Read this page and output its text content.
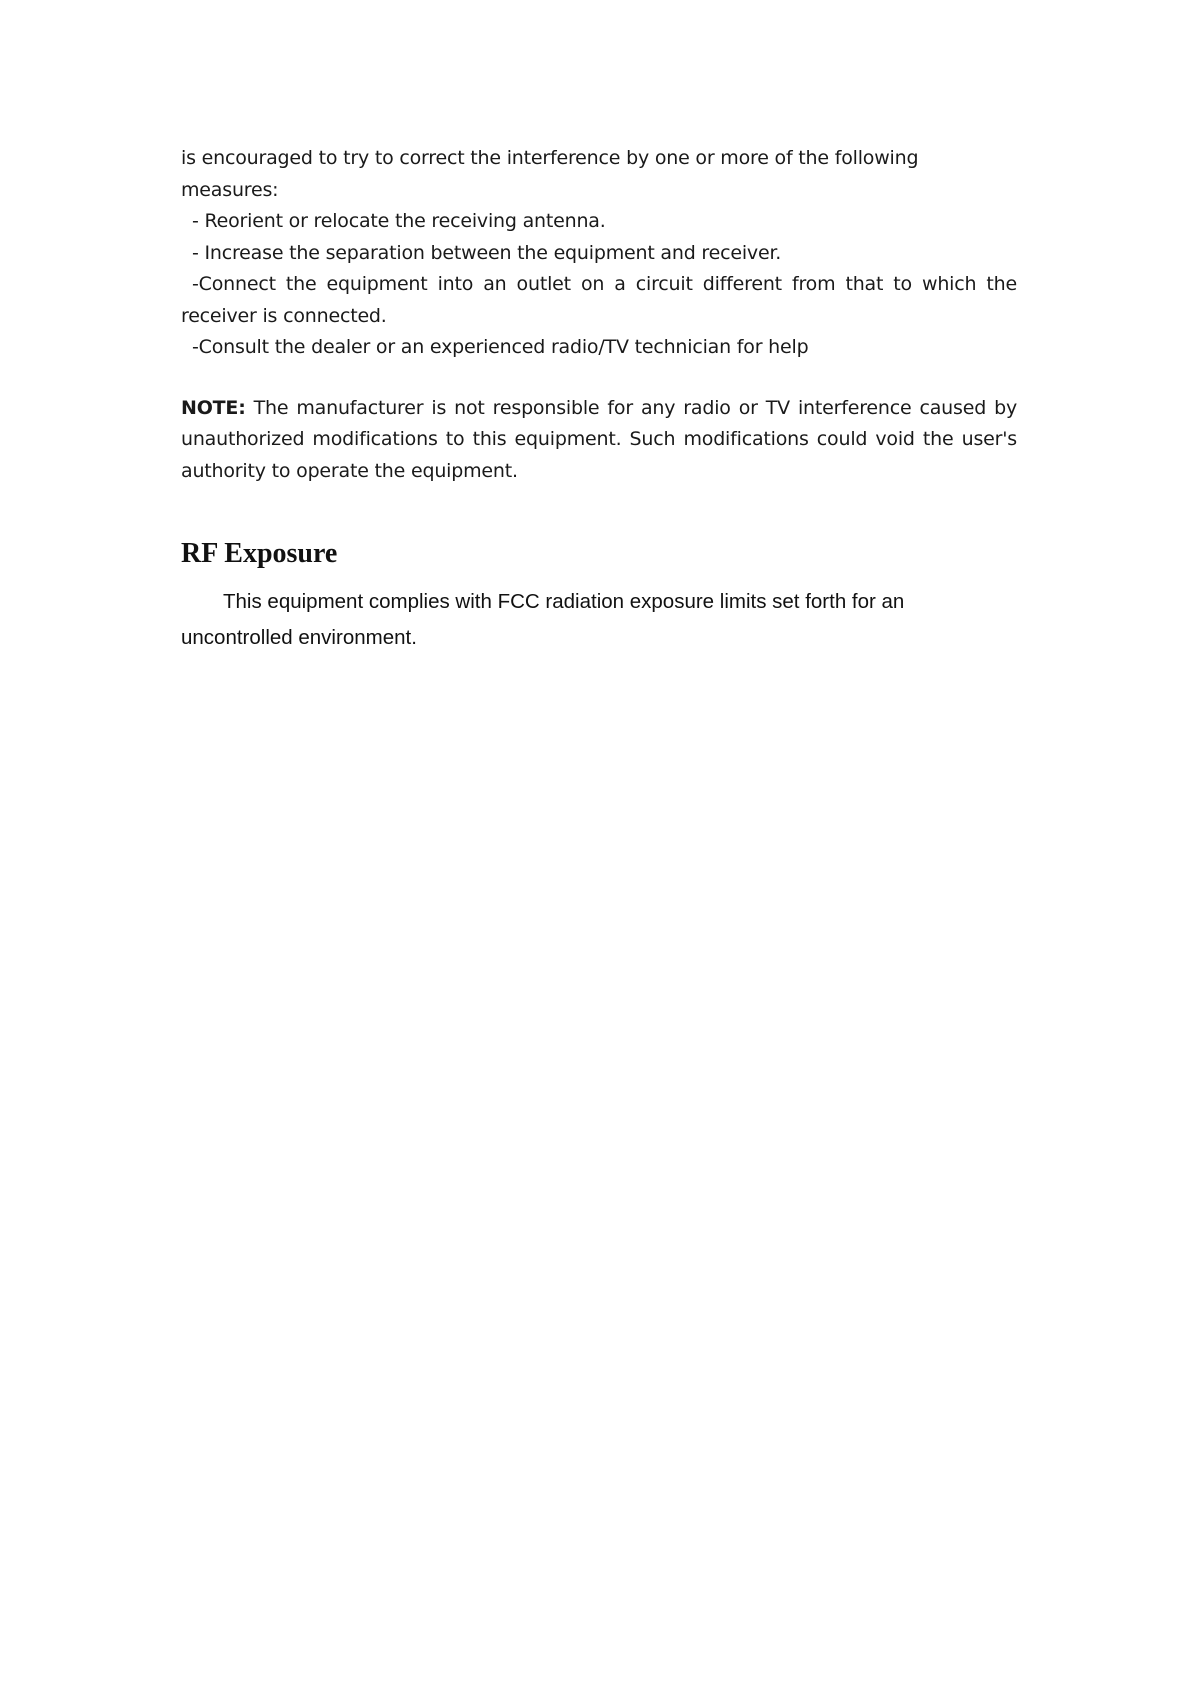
is encouraged to try to correct the interference by one or more of the following measures:

- Reorient or relocate the receiving antenna.

- Increase the separation between the equipment and receiver.

-Connect the equipment into an outlet on a circuit different from that to which the receiver is connected.

-Consult the dealer or an experienced radio/TV technician for help

NOTE: The manufacturer is not responsible for any radio or TV interference caused by unauthorized modifications to this equipment. Such modifications could void the user's authority to operate the equipment.

RF Exposure

This equipment complies with FCC radiation exposure limits set forth for an uncontrolled environment.
